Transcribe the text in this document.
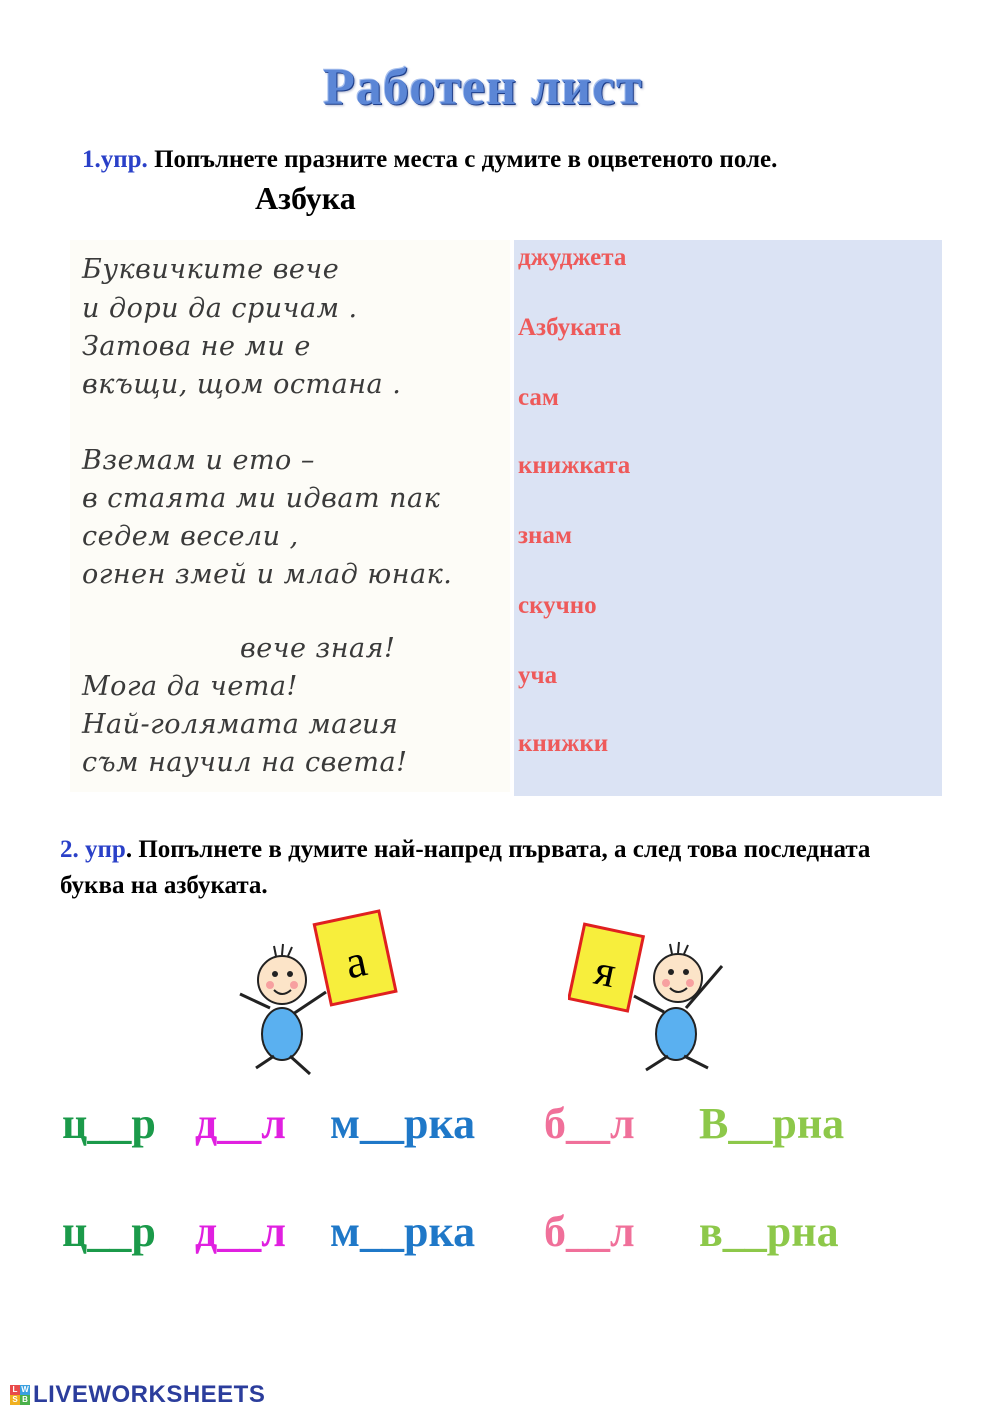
Работен лист
1.упр. Попълнете празните места с думите в оцветеното поле.
Азбука
Буквичките вече
и дори да сричам .
Затова не ми е
вкъщи, щом остана .
Вземам и ето –
в стаята ми идват пак
седем весели ,
огнен змей и млад юнак.
вече зная!
Мога да чета!
Най-голямата магия
съм научил на света!
джуджета
Азбуката
сам
книжката
знам
скучно
уча
книжки
2. упр. Попълнете в думите най-напред първата, а след това последната буква на азбуката.
а	я
ц__р д__л м__рка б__л В__рна
ц__р д__л м__рка б__л в__рна
L W
S B LIVEWORKSHEETS
